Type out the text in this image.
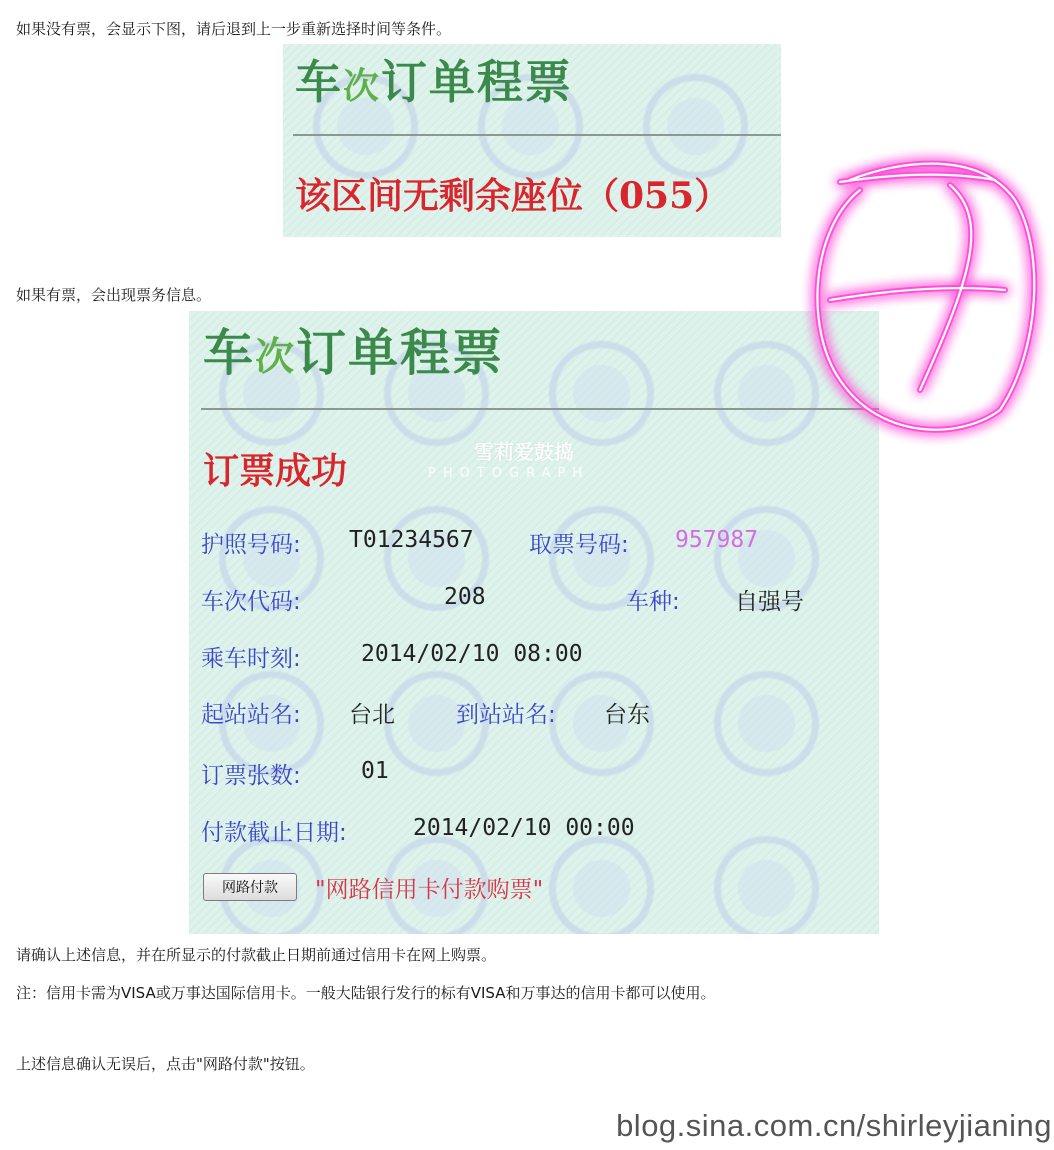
如果没有票，会显示下图，请后退到上一步重新选择时间等条件。
车次订单程票
该区间无剩余座位（055）
如果有票，会出现票务信息。
车次订单程票
订票成功
护照号码: T01234567 取票号码: 957987
车次代码:	208	车种: 自强号
乘车时刻:	2014/02/10 08:00
起站站名: 台北	到站站名: 台东
订票张数:	01
付款截止日期:	2014/02/10 00:00
网路付款	"网路信用卡付款购票"
雪莉爱鼓捣
PHOTOGRAPH
请确认上述信息，并在所显示的付款截止日期前通过信用卡在网上购票。
注：信用卡需为VISA或万事达国际信用卡。一般大陆银行发行的标有VISA和万事达的信用卡都可以使用。
上述信息确认无误后，点击"网路付款"按钮。
blog.sina.com.cn/shirleyjianing
